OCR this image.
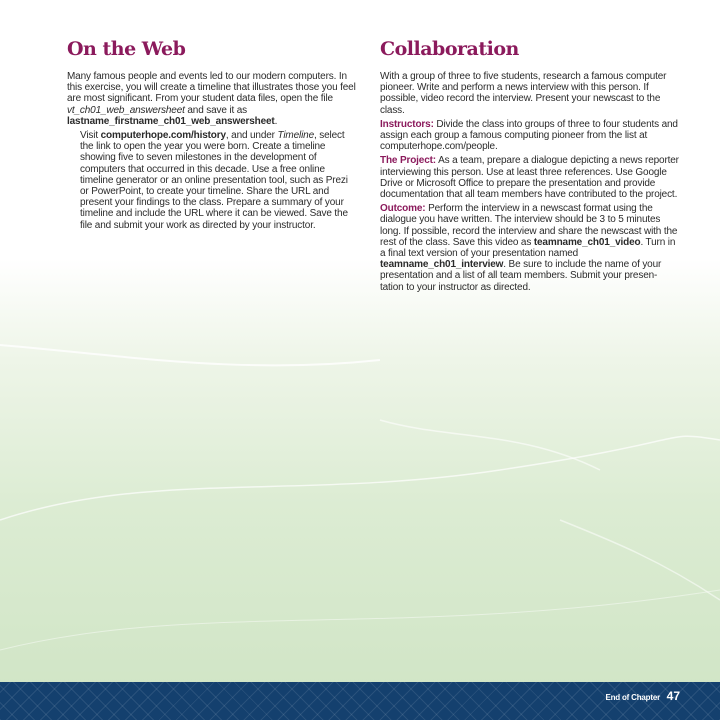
On the Web

Many famous people and events led to our modern computers. In this exercise, you will create a timeline that illustrates those you feel are most significant. From your student data files, open the file vt_ch01_web_answersheet and save it as lastname_firstname_ch01_web_answersheet.

Visit computerhope.com/history, and under Timeline, select the link to open the year you were born. Create a timeline showing five to seven milestones in the development of computers that occurred in this decade. Use a free online timeline generator or an online presentation tool, such as Prezi or PowerPoint, to create your timeline. Share the URL and present your findings to the class. Prepare a summary of your timeline and include the URL where it can be viewed. Save the file and submit your work as directed by your instructor.

Collaboration

With a group of three to five students, research a famous computer pioneer. Write and perform a news interview with this person. If possible, video record the interview. Present your newscast to the class.

Instructors: Divide the class into groups of three to four students and assign each group a famous computing pioneer from the list at computerhope.com/people.

The Project: As a team, prepare a dialogue depicting a news reporter interviewing this person. Use at least three references. Use Google Drive or Microsoft Office to prepare the presentation and provide documentation that all team members have contributed to the project.

Outcome: Perform the interview in a newscast format using the dialogue you have written. The interview should be 3 to 5 minutes long. If possible, record the interview and share the newscast with the rest of the class. Save this video as teamname_ch01_video. Turn in a final text version of your presentation named teamname_ch01_interview. Be sure to include the name of your presentation and a list of all team members. Submit your presen-tation to your instructor as directed.

End of Chapter 47
